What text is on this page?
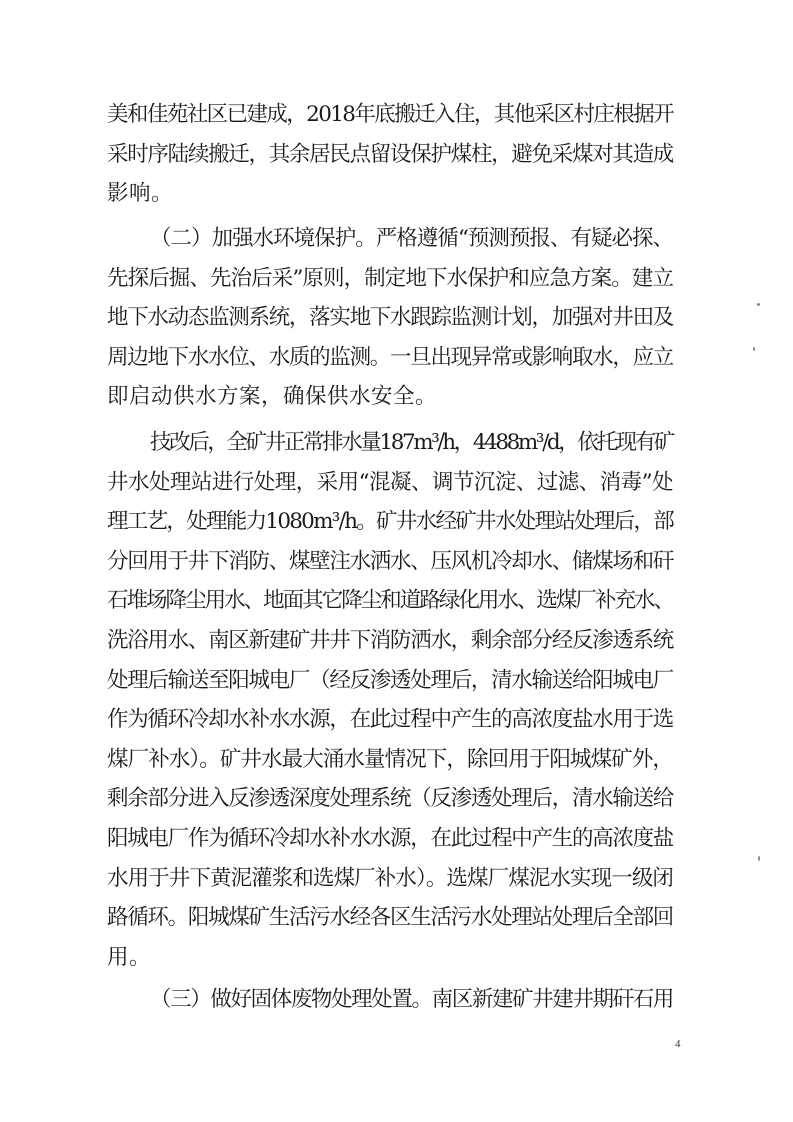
美和佳苑社区已建成，2018年底搬迁入住，其他采区村庄根据开
采时序陆续搬迁，其余居民点留设保护煤柱，避免采煤对其造成
影响。
（二）加强水环境保护。严格遵循“预测预报、有疑必探、
先探后掘、先治后采”原则，制定地下水保护和应急方案。建立
地下水动态监测系统，落实地下水跟踪监测计划，加强对井田及
周边地下水水位、水质的监测。一旦出现异常或影响取水，应立
即启动供水方案，确保供水安全。
技改后，全矿井正常排水量187m³/h，4488m³/d，依托现有矿
井水处理站进行处理，采用“混凝、调节沉淀、过滤、消毒”处
理工艺，处理能力1080m³/h。矿井水经矿井水处理站处理后，部
分回用于井下消防、煤壁注水洒水、压风机冷却水、储煤场和矸
石堆场降尘用水、地面其它降尘和道路绿化用水、选煤厂补充水、
洗浴用水、南区新建矿井井下消防洒水，剩余部分经反渗透系统
处理后输送至阳城电厂（经反渗透处理后，清水输送给阳城电厂
作为循环冷却水补水水源，在此过程中产生的高浓度盐水用于选
煤厂补水）。矿井水最大涌水量情况下，除回用于阳城煤矿外，
剩余部分进入反渗透深度处理系统（反渗透处理后，清水输送给
阳城电厂作为循环冷却水补水水源，在此过程中产生的高浓度盐
水用于井下黄泥灌浆和选煤厂补水）。选煤厂煤泥水实现一级闭
路循环。阳城煤矿生活污水经各区生活污水处理站处理后全部回
用。
（三）做好固体废物处理处置。南区新建矿井建井期矸石用
4
